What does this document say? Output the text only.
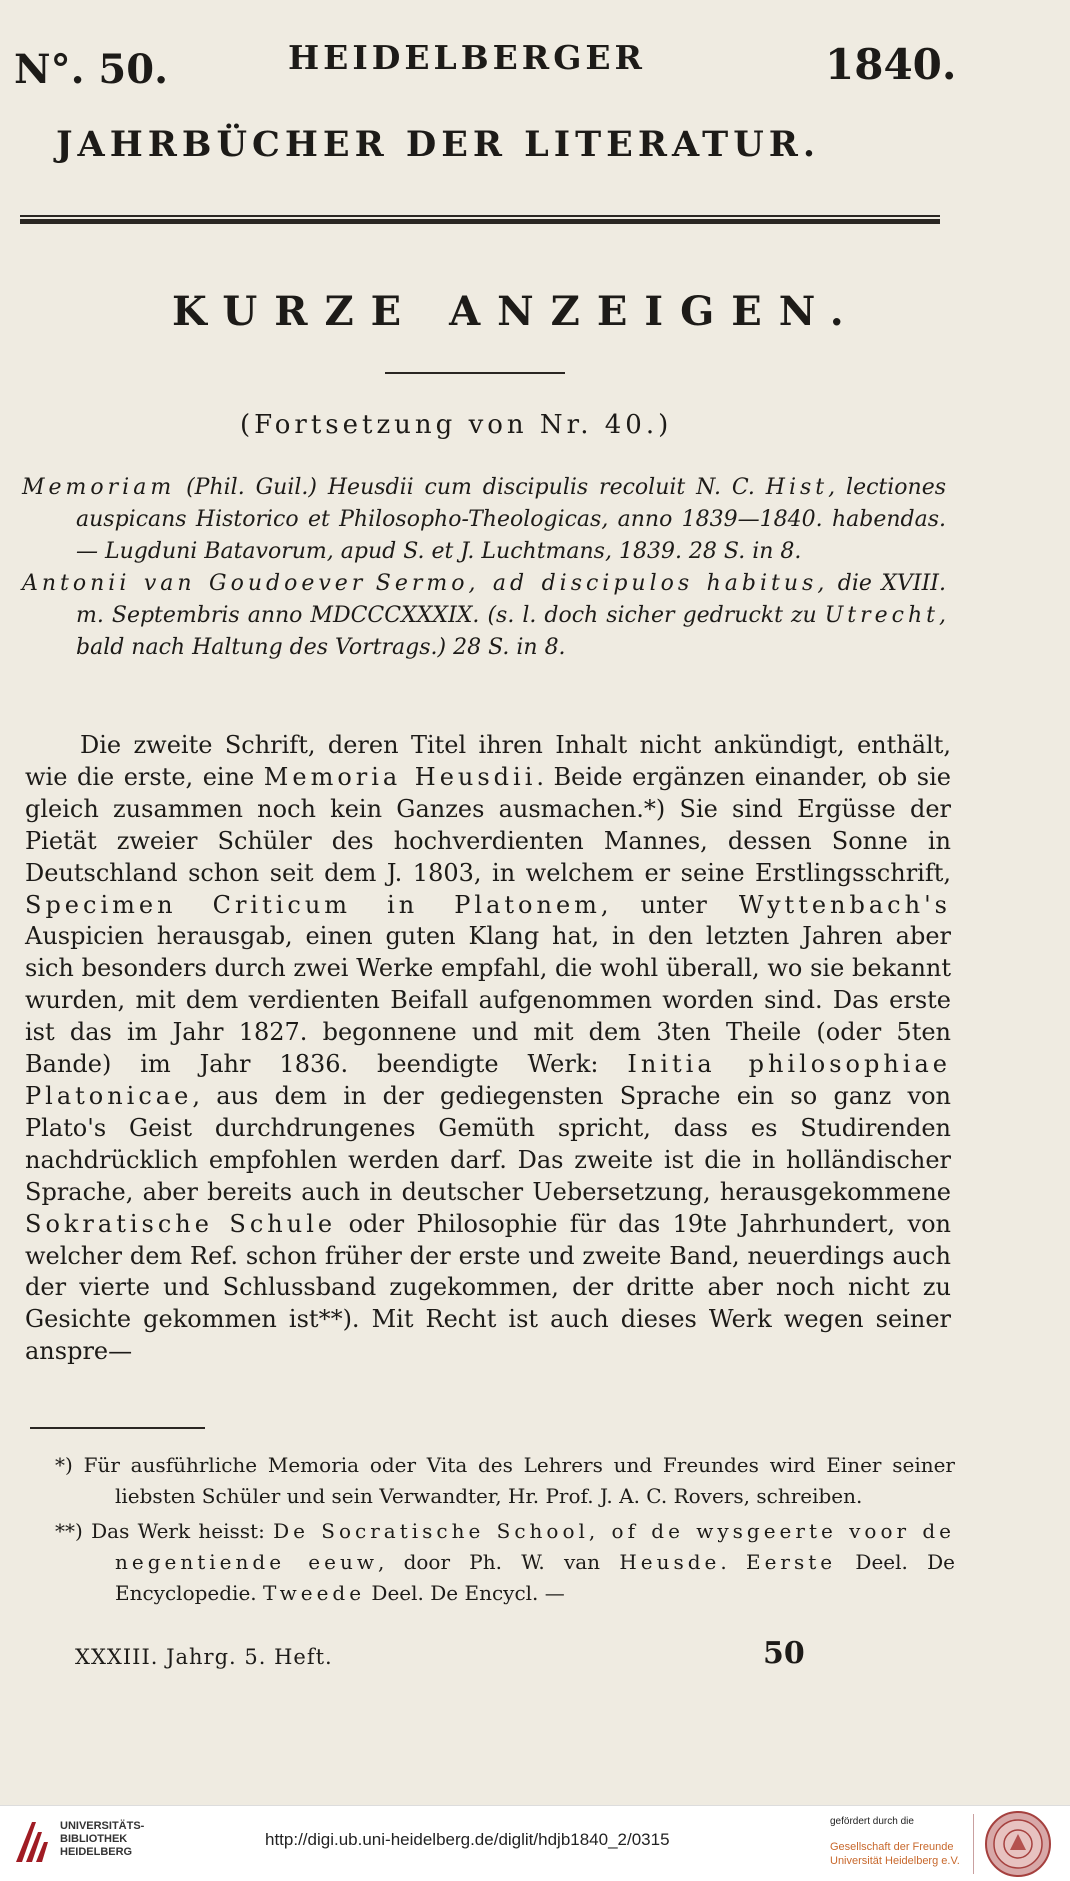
N°. 50.	HEIDELBERGER	1840.
JAHRBÜCHER DER LITERATUR.
KURZE ANZEIGEN.
(Fortsetzung von Nr. 40.)

Memoriam (Phil. Guil.) Heusdii cum discipulis recoluit N. C. Hist, lectiones auspicans Historico et Philosopho-Theologicas, anno 1839—1840. habendas. — Lugduni Batavorum, apud S. et J. Luchtmans, 1839. 28 S. in 8.

Antonii van Goudoever Sermo, ad discipulos habitus, die XVIII. m. Septembris anno MDCCCXXXIX. (s. l. doch sicher gedruckt zu Utrecht, bald nach Haltung des Vortrags.) 28 S. in 8.

Die zweite Schrift, deren Titel ihren Inhalt nicht ankündigt, enthält, wie die erste, eine Memoria Heusdii. Beide ergänzen einander, ob sie gleich zusammen noch kein Ganzes ausmachen.*) Sie sind Ergüsse der Pietät zweier Schüler des hochverdienten Mannes, dessen Sonne in Deutschland schon seit dem J. 1803, in welchem er seine Erstlingsschrift, Specimen Criticum in Platonem, unter Wyttenbach's Auspicien herausgab, einen guten Klang hat, in den letzten Jahren aber sich besonders durch zwei Werke empfahl, die wohl überall, wo sie bekannt wurden, mit dem verdienten Beifall aufgenommen worden sind. Das erste ist das im Jahr 1827. begonnene und mit dem 3ten Theile (oder 5ten Bande) im Jahr 1836. beendigte Werk: Initia philosophiae Platonicae, aus dem in der gediegensten Sprache ein so ganz von Plato's Geist durchdrungenes Gemüth spricht, dass es Studirenden nachdrücklich empfohlen werden darf. Das zweite ist die in holländischer Sprache, aber bereits auch in deutscher Uebersetzung, herausgekommene Sokratische Schule oder Philosophie für das 19te Jahrhundert, von welcher dem Ref. schon früher der erste und zweite Band, neuerdings auch der vierte und Schlussband zugekommen, der dritte aber noch nicht zu Gesichte gekommen ist**). Mit Recht ist auch dieses Werk wegen seiner anspre—

*) Für ausführliche Memoria oder Vita des Lehrers und Freundes wird Einer seiner liebsten Schüler und sein Verwandter, Hr. Prof. J. A. C. Rovers, schreiben.

**) Das Werk heisst: De Socratische School, of de wysgeerte voor de negentiende eeuw, door Ph. W. van Heusde. Eerste Deel. De Encyclopedie. Tweede Deel. De Encycl. —

XXXIII. Jahrg. 5. Heft.	50
UNIVERSITÄTS-
BIBLIOTHEK
HEIDELBERG
http://digi.ub.uni-heidelberg.de/diglit/hdjb1840_2/0315
gefördert durch die
Gesellschaft der Freunde
Universität Heidelberg e.V.
